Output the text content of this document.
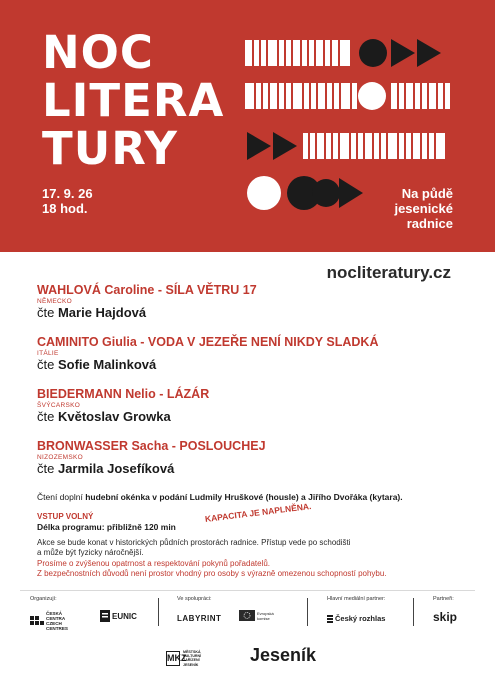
NOC
LITERA
TURY
17. 9. 26
18 hod.
Na půdě
jesenické
radnice
nocliteratury.cz
WAHLOVÁ Caroline - SÍLA VĚTRU 17
NĚMECKO
čte Marie Hajdová
CAMINITO Giulia - VODA V JEZEŘE NENÍ NIKDY SLADKÁ
ITÁLIE
čte Sofie Malinková
BIEDERMANN Nelio - LÁZÁR
ŠVÝCARSKO
čte Květoslav Growka
BRONWASSER Sacha - POSLOUCHEJ
NIZOZEMSKO
čte Jarmila Josefíková
Čtení doplní hudební okénka v podání Ludmily Hruškové (housle) a Jiřího Dvořáka (kytara).
VSTUP VOLNÝ
Délka programu: přibližně 120 min
KAPACITA JE NAPLNĚNA.
Akce se bude konat v historických půdních prostorách radnice. Přístup vede po schodišti
a může být fyzicky náročnější.
Prosíme o zvýšenou opatrnost a respektování pokynů pořadatelů.
Z bezpečnostních důvodů není prostor vhodný pro osoby s výrazně omezenou schopností pohybu.
Organizují:
ČESKÁ CENTRA CZECH CENTRES
EUNIC
Ve spolupráci:
LABYRINT
Evropská komise
Hlavní mediální partner:
Český rozhlas
Partneři:
skip
MKZ
MĚSTSKÁ KULTURNÍ ZAŘÍZENÍ JESENÍK	Jeseník
